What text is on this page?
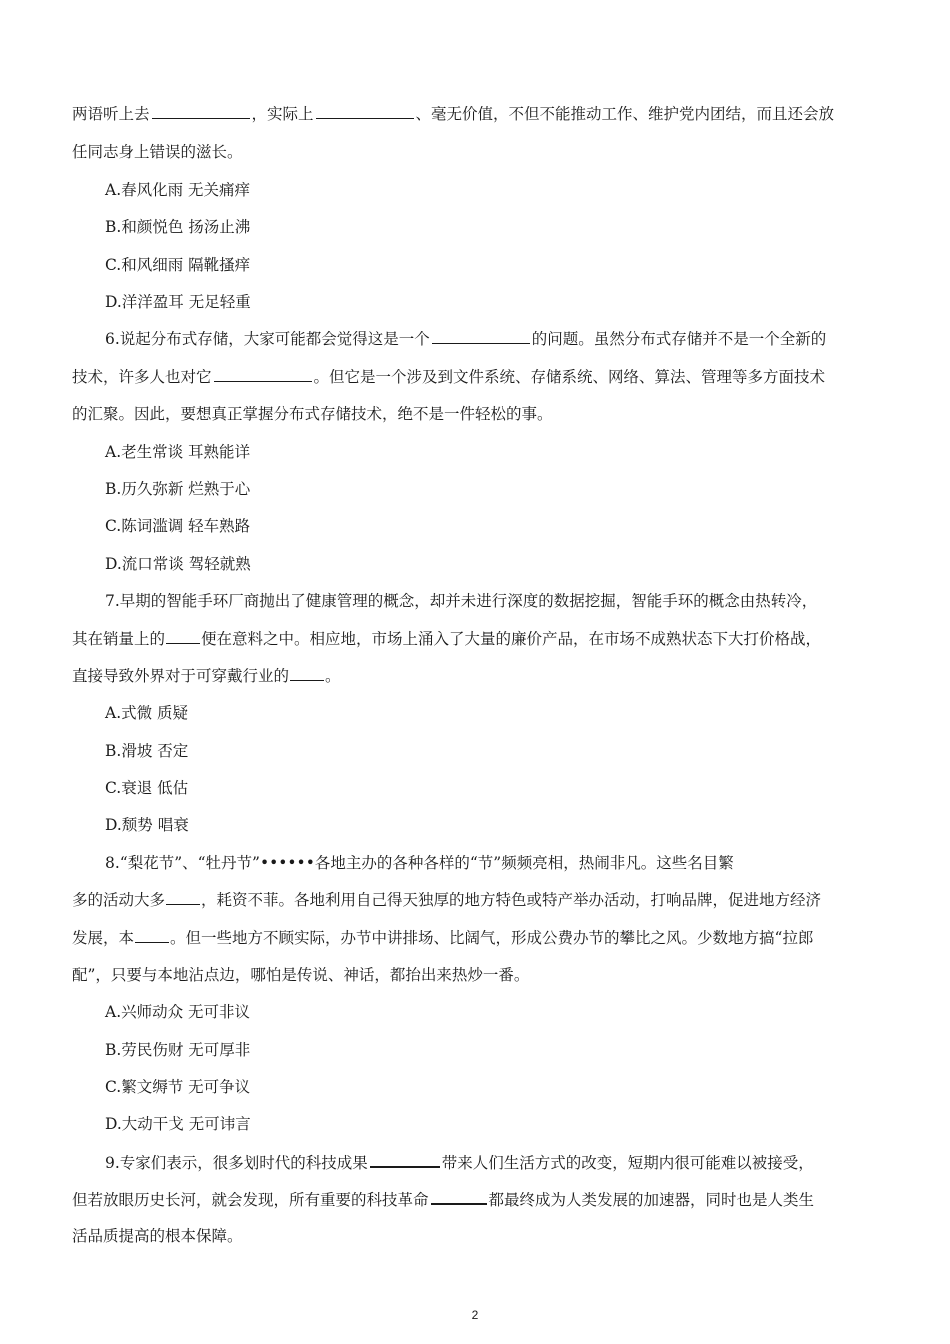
两语听上去	，实际上	、毫无价值，不但不能推动工作、维护党内团结，而且还会放
任同志身上错误的滋长。
A.春风化雨 无关痛痒
B.和颜悦色 扬汤止沸
C.和风细雨 隔靴搔痒
D.洋洋盈耳 无足轻重
6.说起分布式存储，大家可能都会觉得这是一个	的问题。虽然分布式存储并不是一个全新的
技术，许多人也对它	。但它是一个涉及到文件系统、存储系统、网络、算法、管理等多方面技术
的汇聚。因此，要想真正掌握分布式存储技术，绝不是一件轻松的事。
A.老生常谈 耳熟能详
B.历久弥新 烂熟于心
C.陈词滥调 轻车熟路
D.流口常谈 驾轻就熟
7.早期的智能手环厂商抛出了健康管理的概念，却并未进行深度的数据挖掘，智能手环的概念由热转冷，
其在销量上的 便在意料之中。相应地，市场上涌入了大量的廉价产品，在市场不成熟状态下大打价格战，
直接导致外界对于可穿戴行业的 。
A.式微 质疑
B.滑坡 否定
C.衰退 低估
D.颓势 唱衰
8.“梨花节”、“牡丹节”••••••各地主办的各种各样的“节”频频亮相，热闹非凡。这些名目繁
多的活动大多 ，耗资不菲。各地利用自己得天独厚的地方特色或特产举办活动，打响品牌，促进地方经济
发展，本 。但一些地方不顾实际，办节中讲排场、比阔气，形成公费办节的攀比之风。少数地方搞“拉郎
配”，只要与本地沾点边，哪怕是传说、神话，都抬出来热炒一番。
A.兴师动众 无可非议
B.劳民伤财 无可厚非
C.繁文缛节 无可争议
D.大动干戈 无可讳言
9.专家们表示，很多划时代的科技成果	带来人们生活方式的改变，短期内很可能难以被接受，
但若放眼历史长河，就会发现，所有重要的科技革命	都最终成为人类发展的加速器，同时也是人类生
活品质提高的根本保障。
2
